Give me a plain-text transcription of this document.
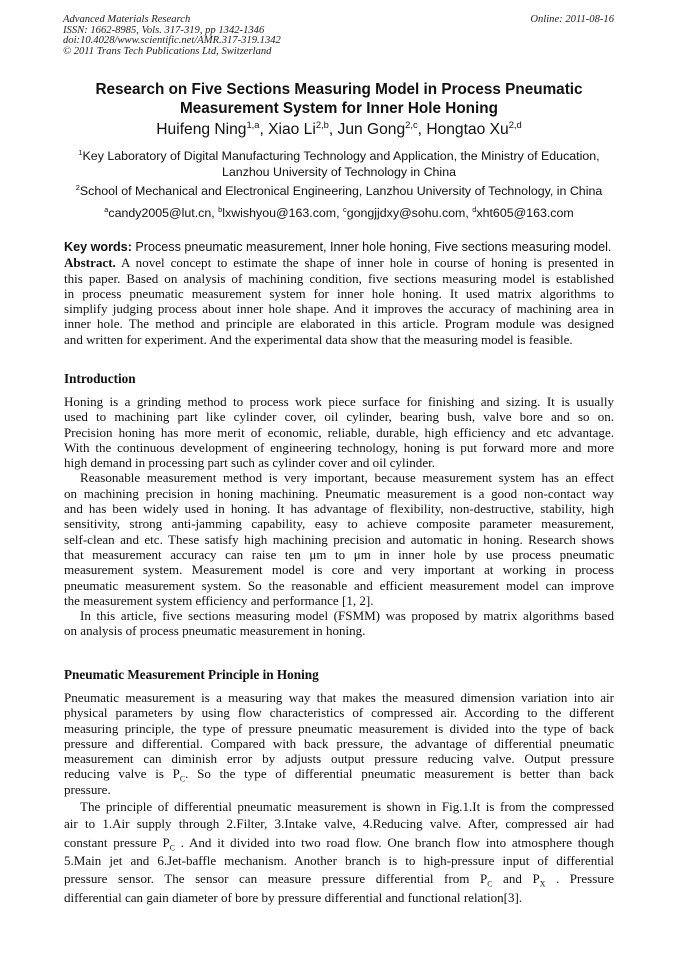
Advanced Materials Research
ISSN: 1662-8985, Vols. 317-319, pp 1342-1346
doi:10.4028/www.scientific.net/AMR.317-319.1342
© 2011 Trans Tech Publications Ltd, Switzerland
Online: 2011-08-16
Research on Five Sections Measuring Model in Process Pneumatic
Measurement System for Inner Hole Honing
Huifeng Ning$^{1,a}$, Xiao Li$^{2,b}$, Jun Gong$^{2,c}$, Hongtao Xu$^{2,d}$
$^1$Key Laboratory of Digital Manufacturing Technology and Application, the Ministry of Education,
Lanzhou University of Technology in China
$^2$School of Mechanical and Electronical Engineering, Lanzhou University of Technology, in China
$^a$candy2005@lut.cn, $^b$lxwishyou@163.com, $^c$gongjjdxy@sohu.com, $^d$xht605@163.com
Key words: Process pneumatic measurement, Inner hole honing, Five sections measuring model.
Abstract. A novel concept to estimate the shape of inner hole in course of honing is presented in
this paper. Based on analysis of machining condition, five sections measuring model is established
in process pneumatic measurement system for inner hole honing. It used matrix algorithms to
simplify judging process about inner hole shape. And it improves the accuracy of machining area in
inner hole. The method and principle are elaborated in this article. Program module was designed
and written for experiment. And the experimental data show that the measuring model is feasible.
Introduction
Honing is a grinding method to process work piece surface for finishing and sizing. It is usually
used to machining part like cylinder cover, oil cylinder, bearing bush, valve bore and so on.
Precision honing has more merit of economic, reliable, durable, high efficiency and etc advantage.
With the continuous development of engineering technology, honing is put forward more and more
high demand in processing part such as cylinder cover and oil cylinder.
Reasonable measurement method is very important, because measurement system has an effect
on machining precision in honing machining. Pneumatic measurement is a good non-contact way
and has been widely used in honing. It has advantage of flexibility, non-destructive, stability, high
sensitivity, strong anti-jamming capability, easy to achieve composite parameter measurement,
self-clean and etc. These satisfy high machining precision and automatic in honing. Research shows
that measurement accuracy can raise ten μm to μm in inner hole by use process pneumatic
measurement system. Measurement model is core and very important at working in process
pneumatic measurement system. So the reasonable and efficient measurement model can improve
the measurement system efficiency and performance [1, 2].
In this article, five sections measuring model (FSMM) was proposed by matrix algorithms based
on analysis of process pneumatic measurement in honing.
Pneumatic Measurement Principle in Honing
Pneumatic measurement is a measuring way that makes the measured dimension variation into air
physical parameters by using flow characteristics of compressed air. According to the different
measuring principle, the type of pressure pneumatic measurement is divided into the type of back
pressure and differential. Compared with back pressure, the advantage of differential pneumatic
measurement can diminish error by adjusts output pressure reducing valve. Output pressure
reducing valve is $P_C$. So the type of differential pneumatic measurement is better than back
pressure.
The principle of differential pneumatic measurement is shown in Fig.1.It is from the compressed
air to 1.Air supply through 2.Filter, 3.Intake valve, 4.Reducing valve. After, compressed air had
constant pressure $P_C$ . And it divided into two road flow. One branch flow into atmosphere though
5.Main jet and 6.Jet-baffle mechanism. Another branch is to high-pressure input of differential
pressure sensor. The sensor can measure pressure differential from $P_C$ and $P_X$ . Pressure
differential can gain diameter of bore by pressure differential and functional relation[3].
